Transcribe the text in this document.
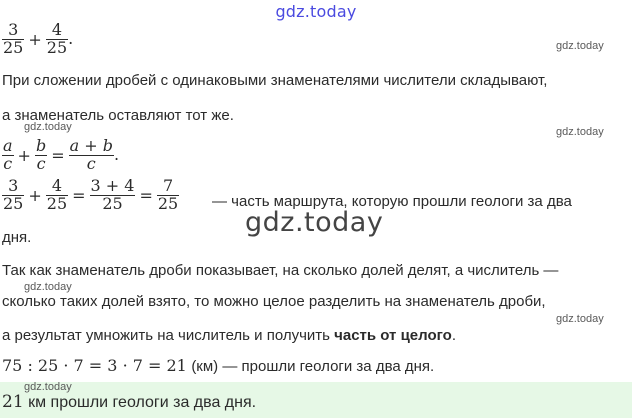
gdz.today
$\frac{3}{25} + \frac{4}{25}$ .	gdz.today
При сложении дробей с одинаковыми знаменателями числители складывают,
а знаменатель оставляют тот же.
gdz.today	gdz.today
$\frac{a}{c} + \frac{b}{c} = \frac{a + b}{c}$ .
$\frac{3}{25} + \frac{4}{25} = \frac{3 + 4}{25} = \frac{7}{25}$ — часть маршрута, которую прошли геологи за два
дня.	gdz.today
Так как знаменатель дроби показывает, на сколько долей делят, а числитель —
gdz.today
сколько таких долей взято, то можно целое разделить на знаменатель дроби,
gdz.today
а результат умножить на числитель и получить часть от целого.
75 : 25 · 7 = 3 · 7 = 21 (км) — прошли геологи за два дня.
gdz.today
21 км прошли геологи за два дня.
